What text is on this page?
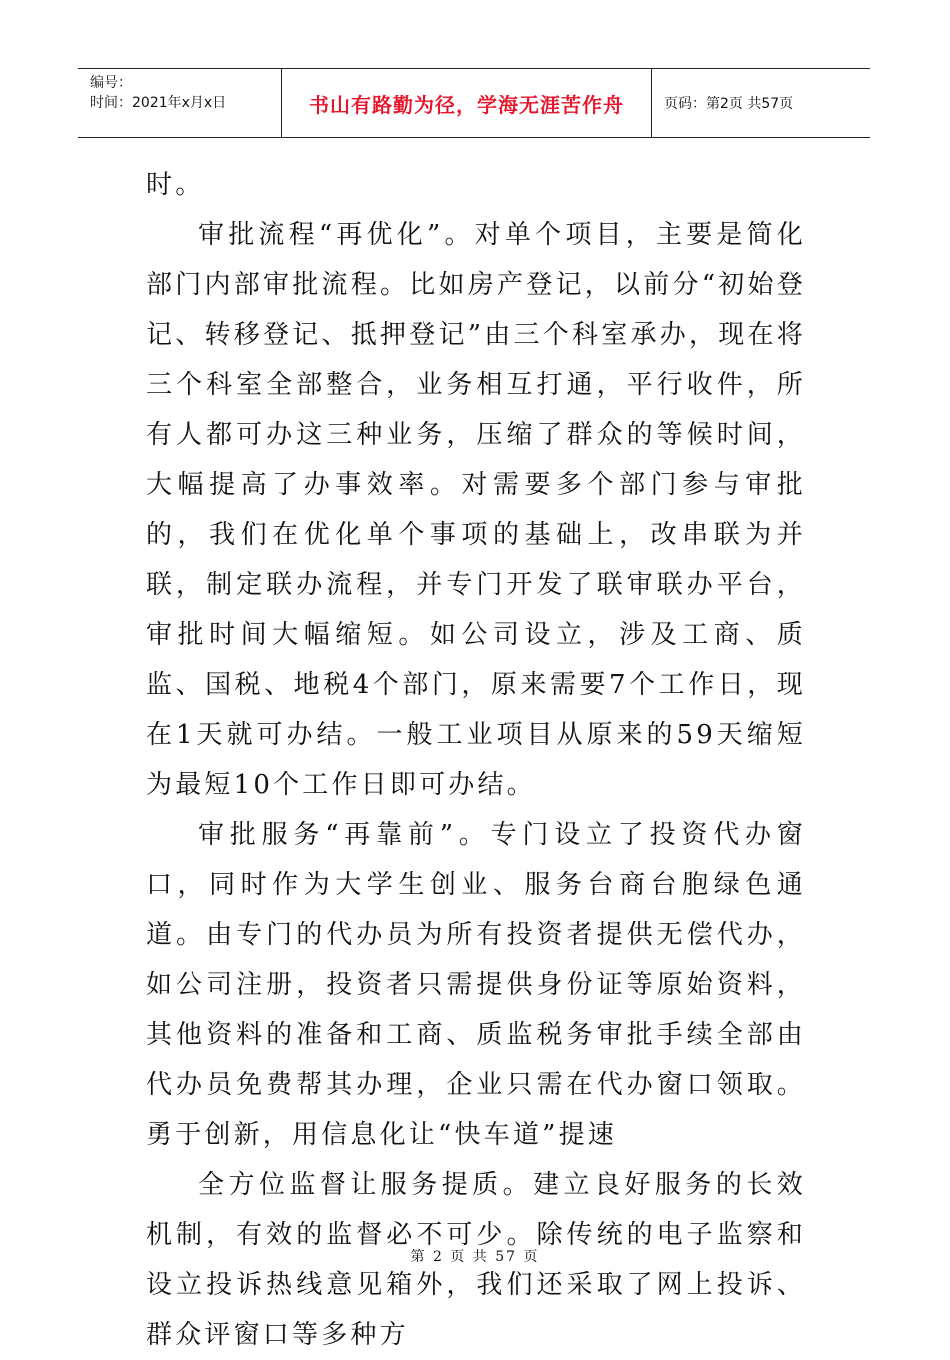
编号：
时间：2021年x月x日	书山有路勤为径，学海无涯苦作舟	页码：第2页 共57页

时。

审批流程“再优化”。对单个项目，主要是简化部门内部审批流程。比如房产登记，以前分“初始登记、转移登记、抵押登记”由三个科室承办，现在将三个科室全部整合，业务相互打通，平行收件，所有人都可办这三种业务，压缩了群众的等候时间，大幅提高了办事效率。对需要多个部门参与审批的，我们在优化单个事项的基础上，改串联为并联，制定联办流程，并专门开发了联审联办平台，审批时间大幅缩短。如公司设立，涉及工商、质监、国税、地税4个部门，原来需要7个工作日，现在1天就可办结。一般工业项目从原来的59天缩短为最短10个工作日即可办结。

审批服务“再靠前”。专门设立了投资代办窗口，同时作为大学生创业、服务台商台胞绿色通道。由专门的代办员为所有投资者提供无偿代办，如公司注册，投资者只需提供身份证等原始资料，其他资料的准备和工商、质监税务审批手续全部由代办员免费帮其办理，企业只需在代办窗口领取。勇于创新，用信息化让“快车道”提速

全方位监督让服务提质。建立良好服务的长效机制，有效的监督必不可少。除传统的电子监察和设立投诉热线意见箱外，我们还采取了网上投诉、群众评窗口等多种方

第 2 页 共 57 页
